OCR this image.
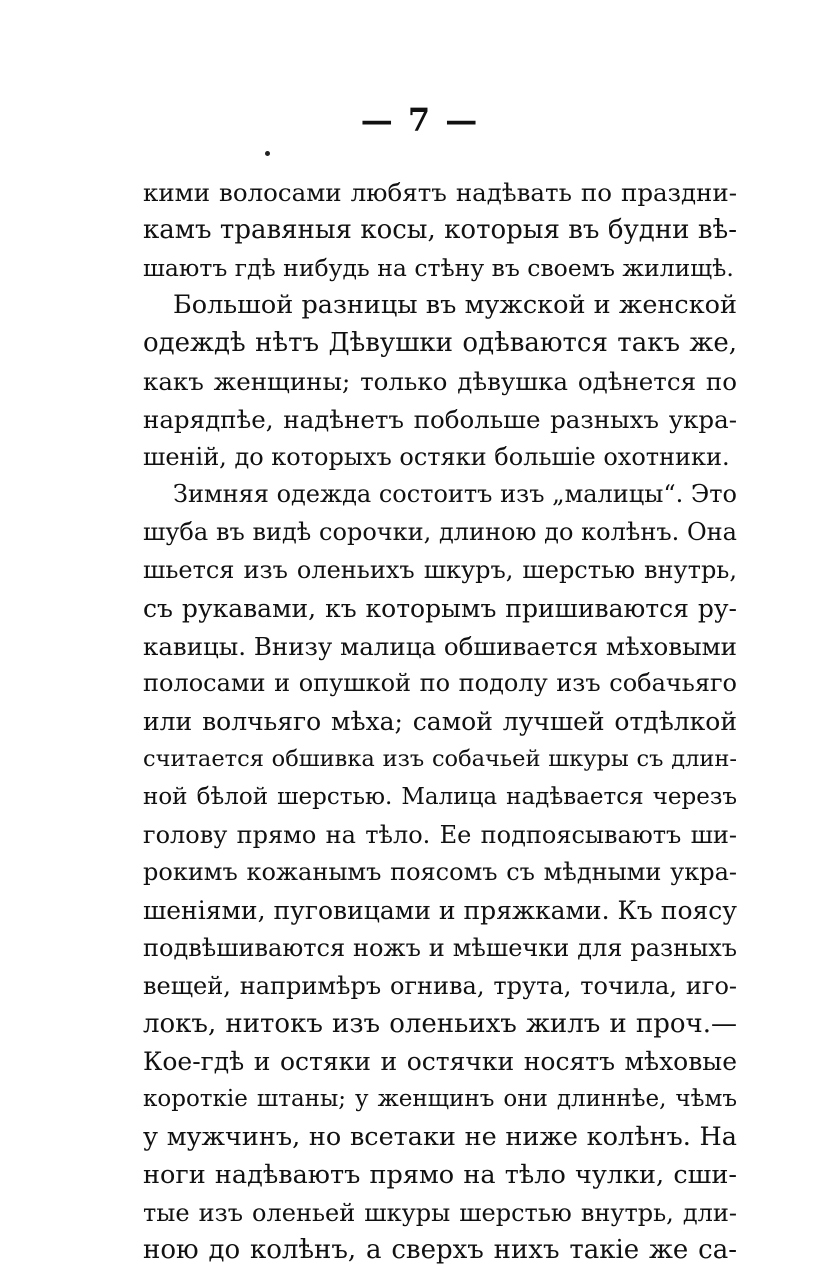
— 7 —
кими волосами любятъ надѣвать по праздни-
камъ травяныя косы, которыя въ будни вѣ-
шаютъ гдѣ нибудь на стѣну въ своемъ жилищѣ.
Большой разницы въ мужской и женской
одеждѣ нѣтъ Дѣвушки одѣваются такъ же,
какъ женщины; только дѣвушка одѣнется по
нарядпѣе, надѣнетъ побольше разныхъ укра-
шеній, до которыхъ остяки большіе охотники.
Зимняя одежда состоитъ изъ „малицы“. Это
шуба въ видѣ сорочки, длиною до колѣнъ. Она
шьется изъ оленьихъ шкуръ, шерстью внутрь,
съ рукавами, къ которымъ пришиваются ру-
кавицы. Внизу малица обшивается мѣховыми
полосами и опушкой по подолу изъ собачьяго
или волчьяго мѣха; самой лучшей отдѣлкой
считается обшивка изъ собачьей шкуры съ длин-
ной бѣлой шерстью. Малица надѣвается черезъ
голову прямо на тѣло. Ее подпоясываютъ ши-
рокимъ кожанымъ поясомъ съ мѣдными укра-
шеніями, пуговицами и пряжками. Къ поясу
подвѣшиваются ножъ и мѣшечки для разныхъ
вещей, напримѣръ огнива, трута, точила, иго-
локъ, нитокъ изъ оленьихъ жилъ и проч.—
Кое-гдѣ и остяки и остячки носятъ мѣховые
короткіе штаны; у женщинъ они длиннѣе, чѣмъ
у мужчинъ, но всетаки не ниже колѣнъ. На
ноги надѣваютъ прямо на тѣло чулки, сши-
тые изъ оленьей шкуры шерстью внутрь, дли-
ною до колѣнъ, а сверхъ нихъ такіе же са-
